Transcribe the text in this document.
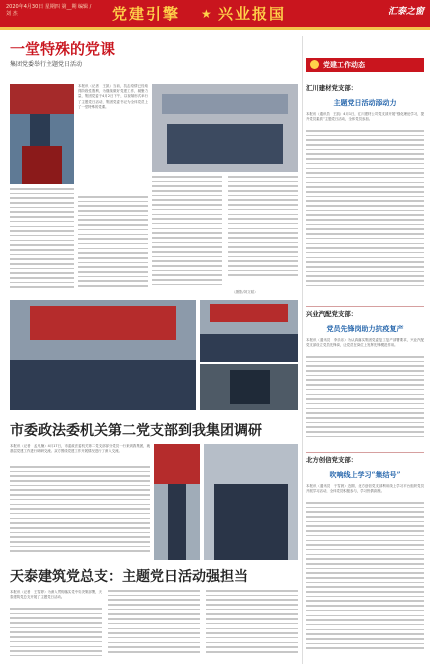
2020年4月30日 星期四 第__期 编辑 / 刘 杰	党建引擎 ★ 兴业报国	汇泰之窗
一堂特殊的党课
集团党委举行主题党日活动
本报讯（记者　王凯）当前，抗击疫情已经取得阶段性胜利，为继续做好党建工作，凝聚力量，集团党委于4月2日下午，以视频形式举行了主题党日活动，集团党委书记为全体党员上了一堂特殊的党课。
（摄影/刘文韬）
市委政法委机关第二党支部到我集团调研
本报讯（记者　孟凡楠）4月17日，市委政法委机关第二党支部部分党员一行来到我集团，就基层党建工作进行调研交流。双方围绕党建工作开展情况进行了深入交流。
天泰建筑党总支：主题党日活动强担当
本报讯（记者　王雪婷）为深入贯彻落实党中央决策部署，天泰建筑党总支开展了主题党日活动。
党建工作动态
汇川建材党支部：
主题党日活动添动力
本报讯（通讯员　王凯）4月1日，汇川建材公司党支部开展“强化理论学习，提升党员素质”主题党日活动，全体党员参加。
兴业汽配党支部：
党员先锋岗助力抗疫复产
本报讯（通讯员　李乐乐）为认真落实集团党委复工复产部署要求，兴业汽配党支部设立党员先锋岗，让党员在岗位上发挥先锋模范作用。
北方创信党支部：
吹响线上学习“集结号”
本报讯（通讯员　于雪晨）近期，北方创信党支部利用线上学习平台组织党员开展学习活动，全体党员积极参与，学习热情高涨。
